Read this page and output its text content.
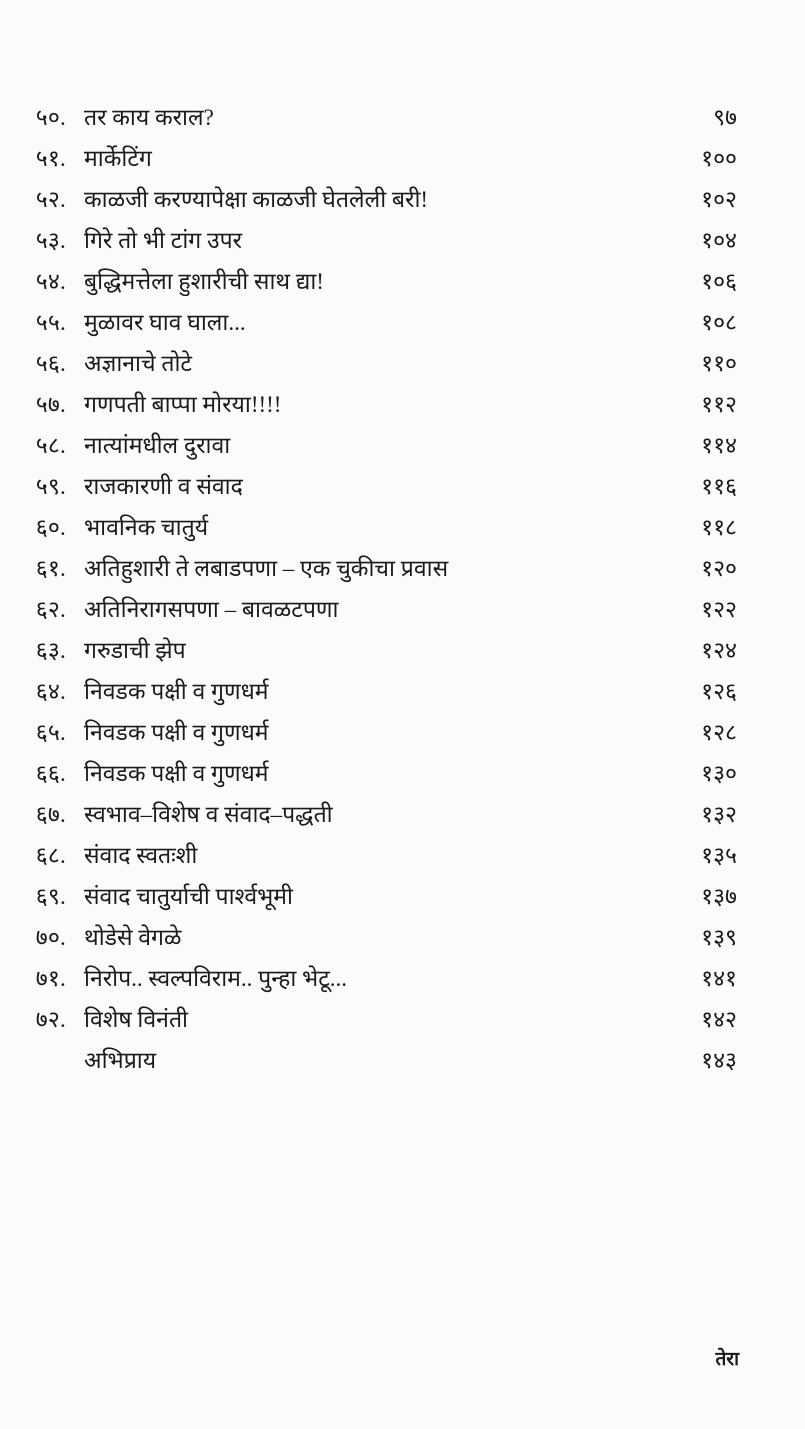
५०. तर काय कराल?	९७
५१. मार्केटिंग	१००
५२. काळजी करण्यापेक्षा काळजी घेतलेली बरी!	१०२
५३. गिरे तो भी टांग उपर	१०४
५४. बुद्धिमत्तेला हुशारीची साथ द्या!	१०६
५५. मुळावर घाव घाला...	१०८
५६. अज्ञानाचे तोटे	११०
५७. गणपती बाप्पा मोरया!!!!	११२
५८. नात्यांमधील दुरावा	११४
५९. राजकारणी व संवाद	११६
६०. भावनिक चातुर्य	११८
६१. अतिहुशारी ते लबाडपणा – एक चुकीचा प्रवास	१२०
६२. अतिनिरागसपणा – बावळटपणा	१२२
६३. गरुडाची झेप	१२४
६४. निवडक पक्षी व गुणधर्म	१२६
६५. निवडक पक्षी व गुणधर्म	१२८
६६. निवडक पक्षी व गुणधर्म	१३०
६७. स्वभाव–विशेष व संवाद–पद्धती	१३२
६८. संवाद स्वतःशी	१३५
६९. संवाद चातुर्याची पार्श्वभूमी	१३७
७०. थोडेसे वेगळे	१३९
७१. निरोप.. स्वल्पविराम.. पुन्हा भेटू...	१४१
७२. विशेष विनंती	१४२
अभिप्राय	१४३
तेरा
